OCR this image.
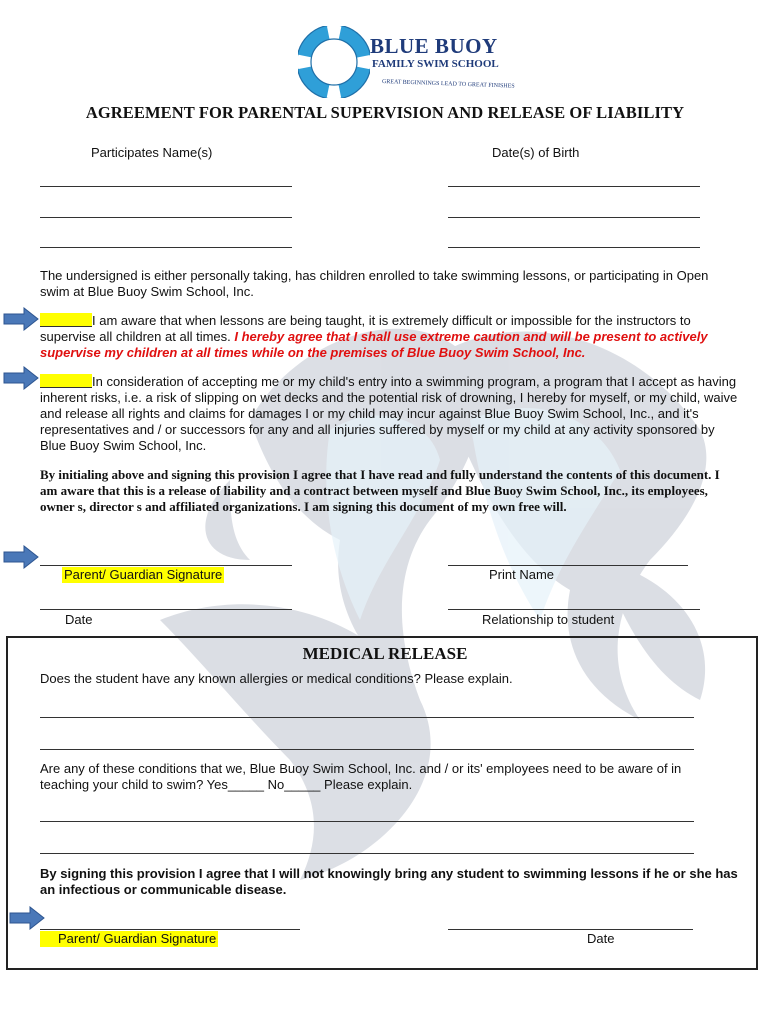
BLUE BUOY
FAMILY SWIM SCHOOL
GREAT BEGINNINGS LEAD TO GREAT FINISHES
AGREEMENT FOR PARENTAL SUPERVISION AND RELEASE OF LIABILITY
Participates Name(s)	Date(s) of Birth
The undersigned is either personally taking, has children enrolled to take swimming lessons, or participating in Open swim at Blue Buoy Swim School, Inc.
I am aware that when lessons are being taught, it is extremely difficult or impossible for the instructors to supervise all children at all times. I hereby agree that I shall use extreme caution and will be present to actively supervise my children at all times while on the premises of Blue Buoy Swim School, Inc.
In consideration of accepting me or my child's entry into a swimming program, a program that I accept as having inherent risks, i.e. a risk of slipping on wet decks and the potential risk of drowning, I hereby for myself, or my child, waive and release all rights and claims for damages I or my child may incur against Blue Buoy Swim School, Inc., and it's representatives and / or successors for any and all injuries suffered by myself or my child at any activity sponsored by Blue Buoy Swim School, Inc.
By initialing above and signing this provision I agree that I have read and fully understand the contents of this document. I am aware that this is a release of liability and a contract between myself and Blue Buoy Swim School, Inc., its employees, owner s, director s and affiliated organizations. I am signing this document of my own free will.
Parent/ Guardian Signature	Print Name
Date	Relationship to student
MEDICAL RELEASE
Does the student have any known allergies or medical conditions? Please explain.
Are any of these conditions that we, Blue Buoy Swim School, Inc. and / or its' employees need to be aware of in teaching your child to swim? Yes_____ No_____ Please explain.
By signing this provision I agree that I will not knowingly bring any student to swimming lessons if he or she has an infectious or communicable disease.
Parent/ Guardian Signature	Date
